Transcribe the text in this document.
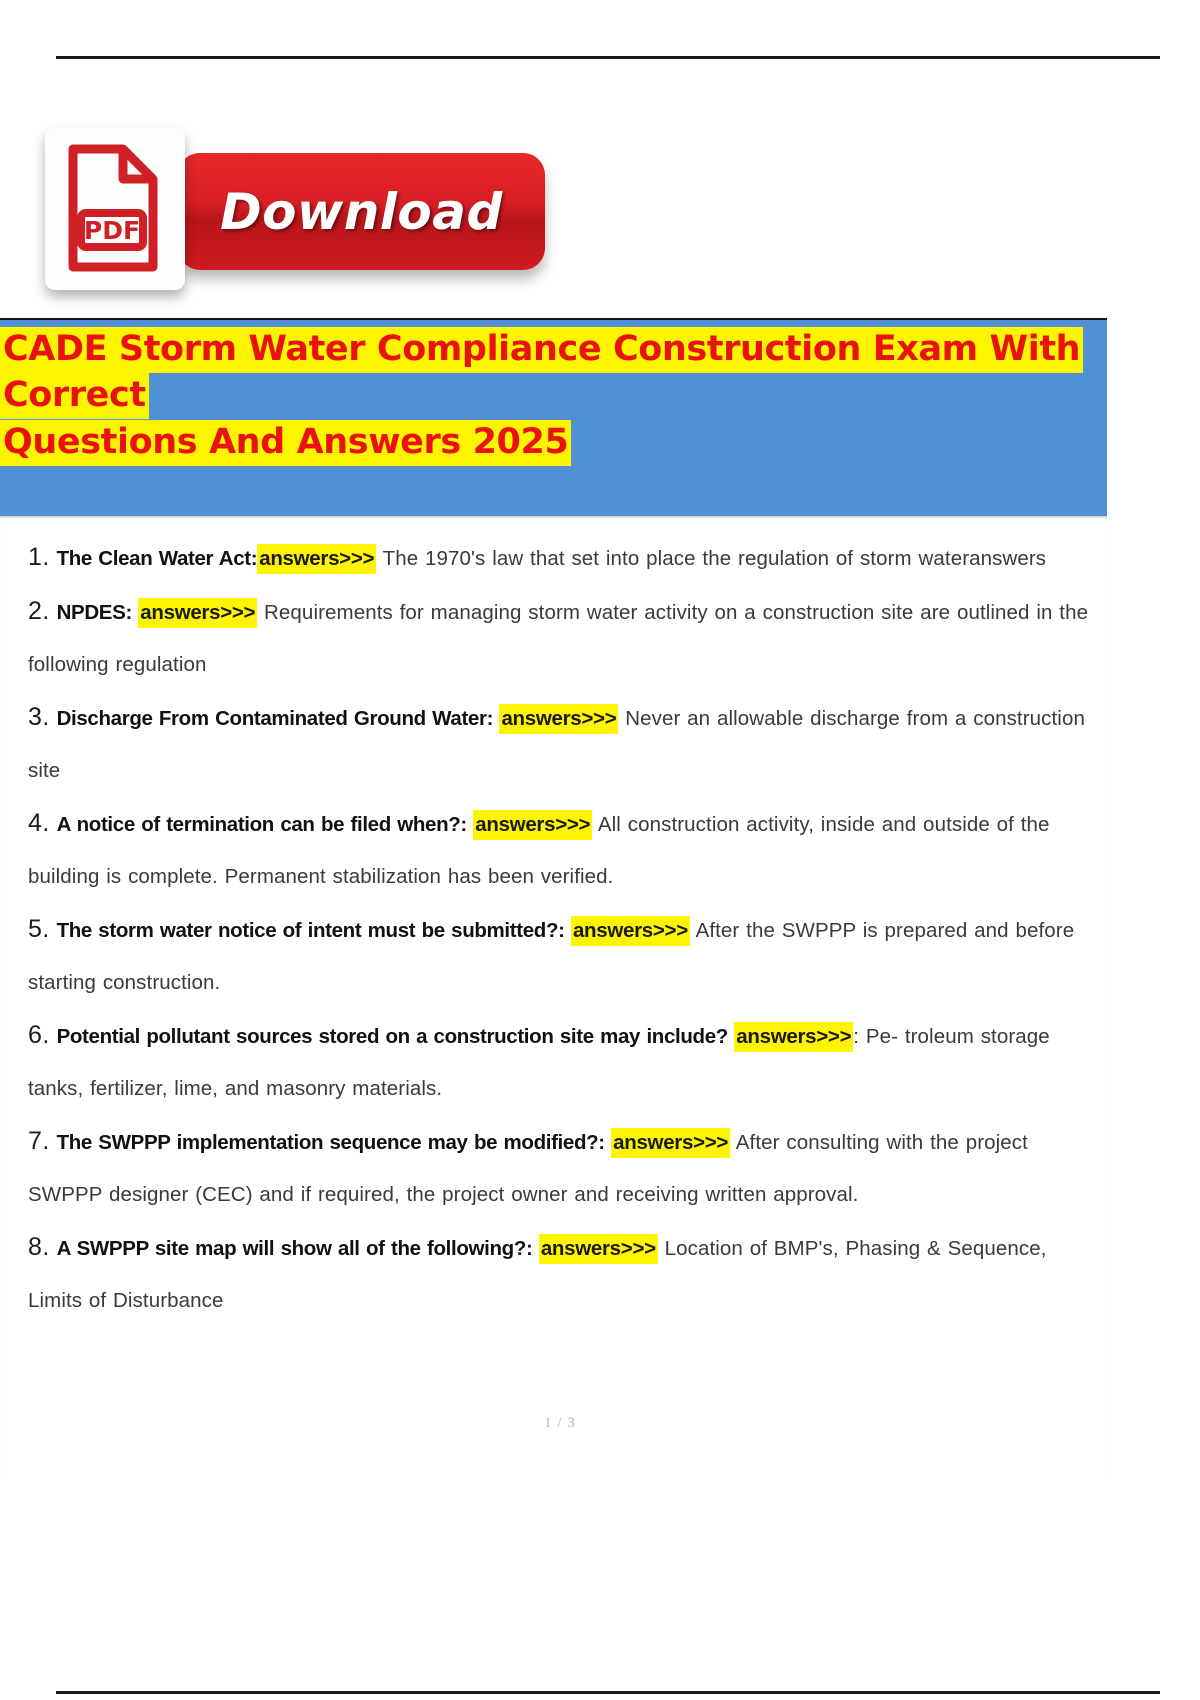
Download
PDF
CADE Storm Water Compliance Construction Exam With Correct
Questions And Answers 2025
1. The Clean Water Act:answers>>> The 1970's law that set into place the regulation of storm wateranswers
2. NPDES: answers>>> Requirements for managing storm water activity on a construction site are outlined in the following regulation
3. Discharge From Contaminated Ground Water: answers>>> Never an allowable discharge from a construction site
4. A notice of termination can be filed when?: answers>>> All construction activity, inside and outside of the building is complete. Permanent stabilization has been verified.
5. The storm water notice of intent must be submitted?: answers>>> After the SWPPP is prepared and before starting construction.
6. Potential pollutant sources stored on a construction site may include? answers>>>: Pe- troleum storage tanks, fertilizer, lime, and masonry materials.
7. The SWPPP implementation sequence may be modified?: answers>>> After consulting with the project SWPPP designer (CEC) and if required, the project owner and receiving written approval.
8. A SWPPP site map will show all of the following?: answers>>> Location of BMP's, Phasing & Sequence, Limits of Disturbance
1 / 3
